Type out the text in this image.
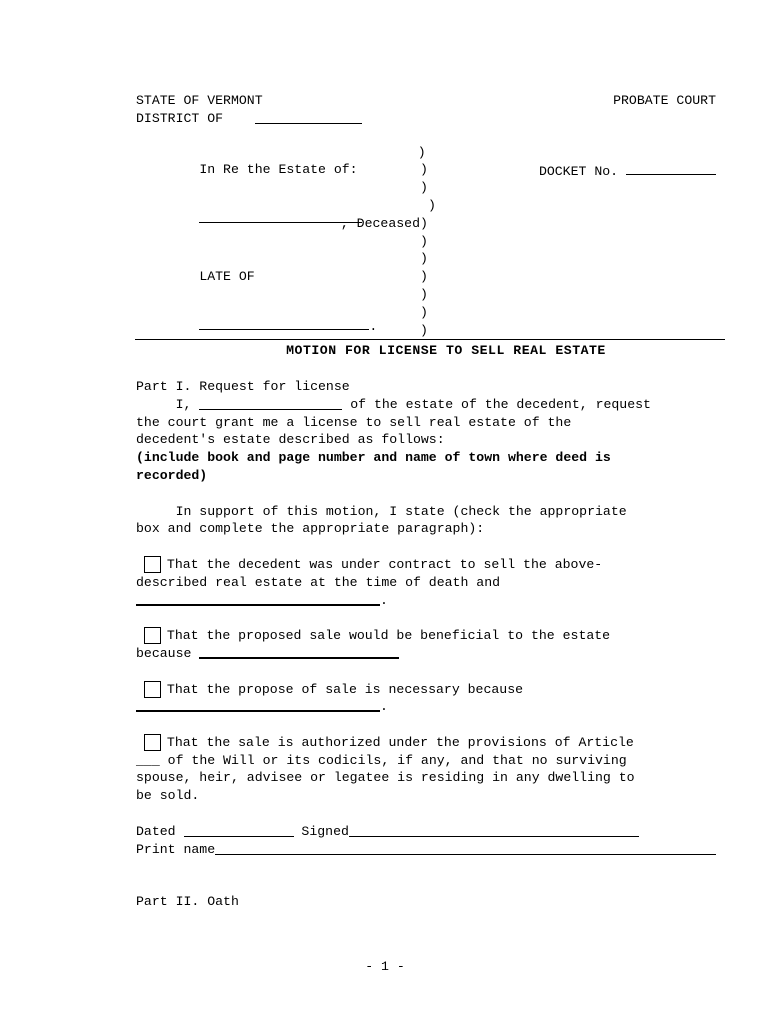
STATE OF VERMONT	PROBATE COURT
DISTRICT OF

In Re the Estate of:

)

DOCKET No.

)

)

, Deceased

)
)
)

LATE OF

)
)

.

)
)
)
MOTION FOR LICENSE TO SELL REAL ESTATE
Part I. Request for license

I,	of the estate of the decedent, request
the court grant me a license to sell real estate of the
decedent's estate described as follows:
(include book and page number and name of town where deed is
recorded)
In support of this motion, I state (check the appropriate
box and complete the appropriate paragraph):

That the decedent was under contract to sell the above-
described real estate at the time of death and
.

That the proposed sale would be beneficial to the estate
because

That the propose of sale is necessary because
.

That the sale is authorized under the provisions of Article
___ of the Will or its codicils, if any, and that no surviving
spouse, heir, advisee or legatee is residing in any dwelling to
be sold.
Dated

	Signed
Print name
Part II. Oath
- 1 -
